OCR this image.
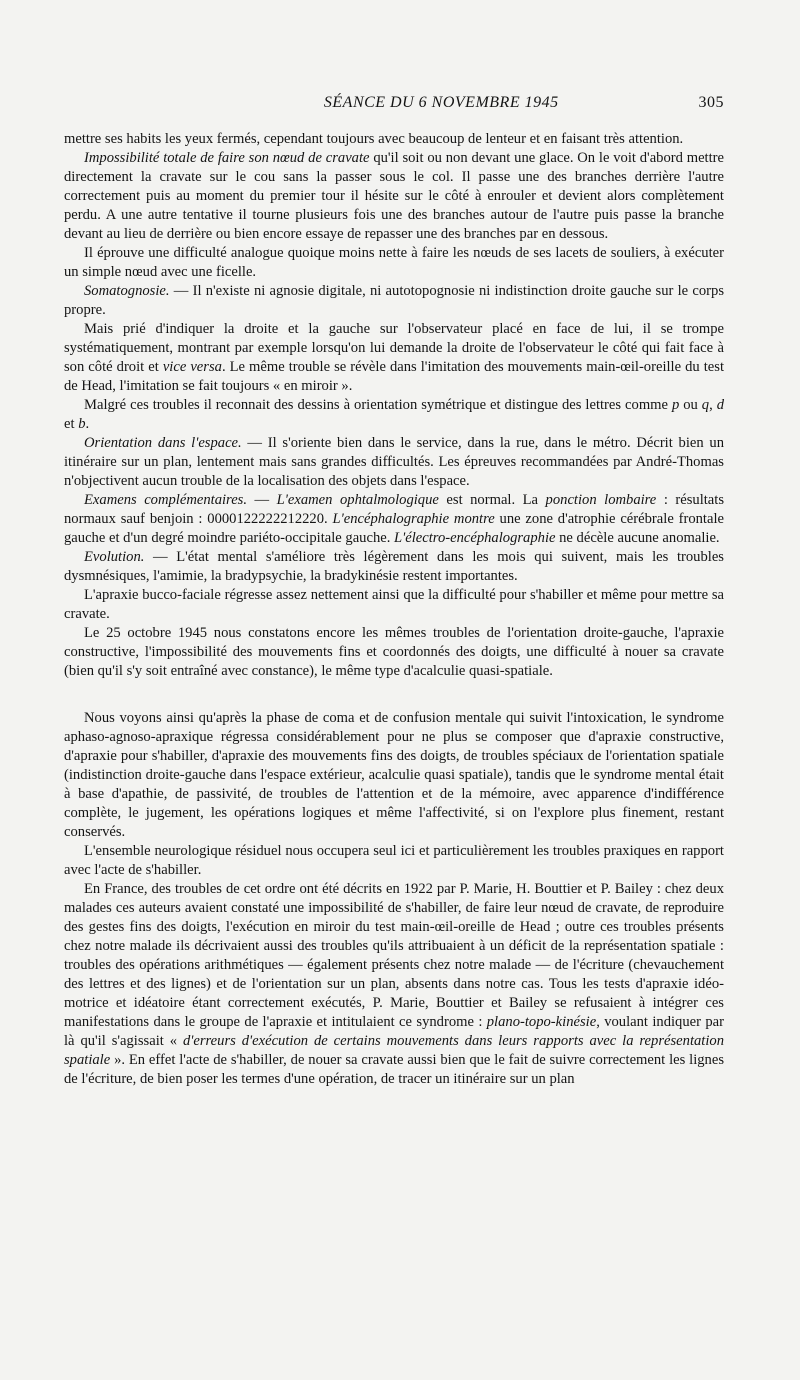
SÉANCE DU 6 NOVEMBRE 1945	305

mettre ses habits les yeux fermés, cependant toujours avec beaucoup de lenteur et en faisant très attention.

Impossibilité totale de faire son nœud de cravate qu'il soit ou non devant une glace. On le voit d'abord mettre directement la cravate sur le cou sans la passer sous le col. Il passe une des branches derrière l'autre correctement puis au moment du premier tour il hésite sur le côté à enrouler et devient alors complètement perdu. A une autre tentative il tourne plusieurs fois une des branches autour de l'autre puis passe la branche devant au lieu de derrière ou bien encore essaye de repasser une des branches par en dessous.

Il éprouve une difficulté analogue quoique moins nette à faire les nœuds de ses lacets de souliers, à exécuter un simple nœud avec une ficelle.

Somatognosie. — Il n'existe ni agnosie digitale, ni autotopognosie ni indistinction droite gauche sur le corps propre.

Mais prié d'indiquer la droite et la gauche sur l'observateur placé en face de lui, il se trompe systématiquement, montrant par exemple lorsqu'on lui demande la droite de l'observateur le côté qui fait face à son côté droit et vice versa. Le même trouble se révèle dans l'imitation des mouvements main-œil-oreille du test de Head, l'imitation se fait toujours « en miroir ».

Malgré ces troubles il reconnait des dessins à orientation symétrique et distingue des lettres comme p ou q, d et b.

Orientation dans l'espace. — Il s'oriente bien dans le service, dans la rue, dans le métro. Décrit bien un itinéraire sur un plan, lentement mais sans grandes difficultés. Les épreuves recommandées par André-Thomas n'objectivent aucun trouble de la localisation des objets dans l'espace.

Examens complémentaires. — L'examen ophtalmologique est normal. La ponction lombaire : résultats normaux sauf benjoin : 0000122222212220. L'encéphalographie montre une zone d'atrophie cérébrale frontale gauche et d'un degré moindre pariéto-occipitale gauche. L'électro-encéphalographie ne décèle aucune anomalie.

Evolution. — L'état mental s'améliore très légèrement dans les mois qui suivent, mais les troubles dysmnésiques, l'amimie, la bradypsychie, la bradykinésie restent importantes.

L'apraxie bucco-faciale régresse assez nettement ainsi que la difficulté pour s'habiller et même pour mettre sa cravate.

Le 25 octobre 1945 nous constatons encore les mêmes troubles de l'orientation droite-gauche, l'apraxie constructive, l'impossibilité des mouvements fins et coordonnés des doigts, une difficulté à nouer sa cravate (bien qu'il s'y soit entraîné avec constance), le même type d'acalculie quasi-spatiale.

Nous voyons ainsi qu'après la phase de coma et de confusion mentale qui suivit l'intoxication, le syndrome aphaso-agnoso-apraxique régressa considérablement pour ne plus se composer que d'apraxie constructive, d'apraxie pour s'habiller, d'apraxie des mouvements fins des doigts, de troubles spéciaux de l'orientation spatiale (indistinction droite-gauche dans l'espace extérieur, acalculie quasi spatiale), tandis que le syndrome mental était à base d'apathie, de passivité, de troubles de l'attention et de la mémoire, avec apparence d'indifférence complète, le jugement, les opérations logiques et même l'affectivité, si on l'explore plus finement, restant conservés.

L'ensemble neurologique résiduel nous occupera seul ici et particulièrement les troubles praxiques en rapport avec l'acte de s'habiller.

En France, des troubles de cet ordre ont été décrits en 1922 par P. Marie, H. Bouttier et P. Bailey : chez deux malades ces auteurs avaient constaté une impossibilité de s'habiller, de faire leur nœud de cravate, de reproduire des gestes fins des doigts, l'exécution en miroir du test main-œil-oreille de Head ; outre ces troubles présents chez notre malade ils décrivaient aussi des troubles qu'ils attribuaient à un déficit de la représentation spatiale : troubles des opérations arithmétiques — également présents chez notre malade — de l'écriture (chevauchement des lettres et des lignes) et de l'orientation sur un plan, absents dans notre cas. Tous les tests d'apraxie idéo-motrice et idéatoire étant correctement exécutés, P. Marie, Bouttier et Bailey se refusaient à intégrer ces manifestations dans le groupe de l'apraxie et intitulaient ce syndrome : plano-topo-kinésie, voulant indiquer par là qu'il s'agissait « d'erreurs d'exécution de certains mouvements dans leurs rapports avec la représentation spatiale ». En effet l'acte de s'habiller, de nouer sa cravate aussi bien que le fait de suivre correctement les lignes de l'écriture, de bien poser les termes d'une opération, de tracer un itinéraire sur un plan
